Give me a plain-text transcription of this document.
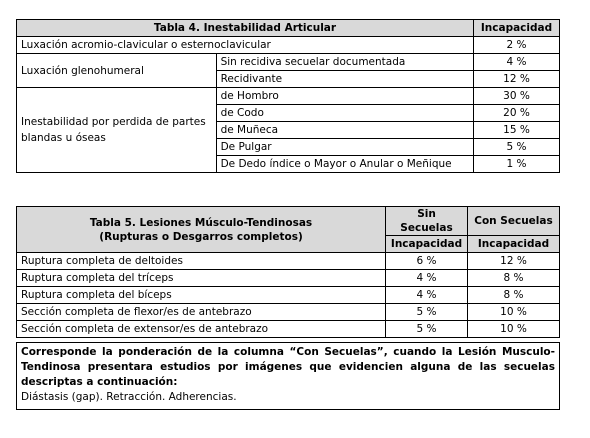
Tabla 4. Inestabilidad Articular		Incapacidad
Luxación acromio-clavicular o esternoclavicular		2 %
Luxación glenohumeral	Sin recidiva secuelar documentada	4 %
	Recidivante	12 %
Inestabilidad por perdida de partes blandas u óseas	de Hombro	30 %
	de Codo	20 %
	de Muñeca	15 %
	De Pulgar	5 %
	De Dedo índice o Mayor o Anular o Meñique	1 %
Tabla 5. Lesiones Músculo-Tendinosas
(Rupturas o Desgarros completos)	Sin Secuelas	Con Secuelas
	Incapacidad	Incapacidad
Ruptura completa de deltoides	6 %	12 %
Ruptura completa del tríceps	4 %	8 %
Ruptura completa del bíceps	4 %	8 %
Sección completa de flexor/es de antebrazo	5 %	10 %
Sección completa de extensor/es de antebrazo	5 %	10 %
Corresponde la ponderación de la columna “Con Secuelas”, cuando la Lesión Musculo-Tendinosa presentara estudios por imágenes que evidencien alguna de las secuelas descriptas a continuación:
Diástasis (gap). Retracción. Adherencias.
